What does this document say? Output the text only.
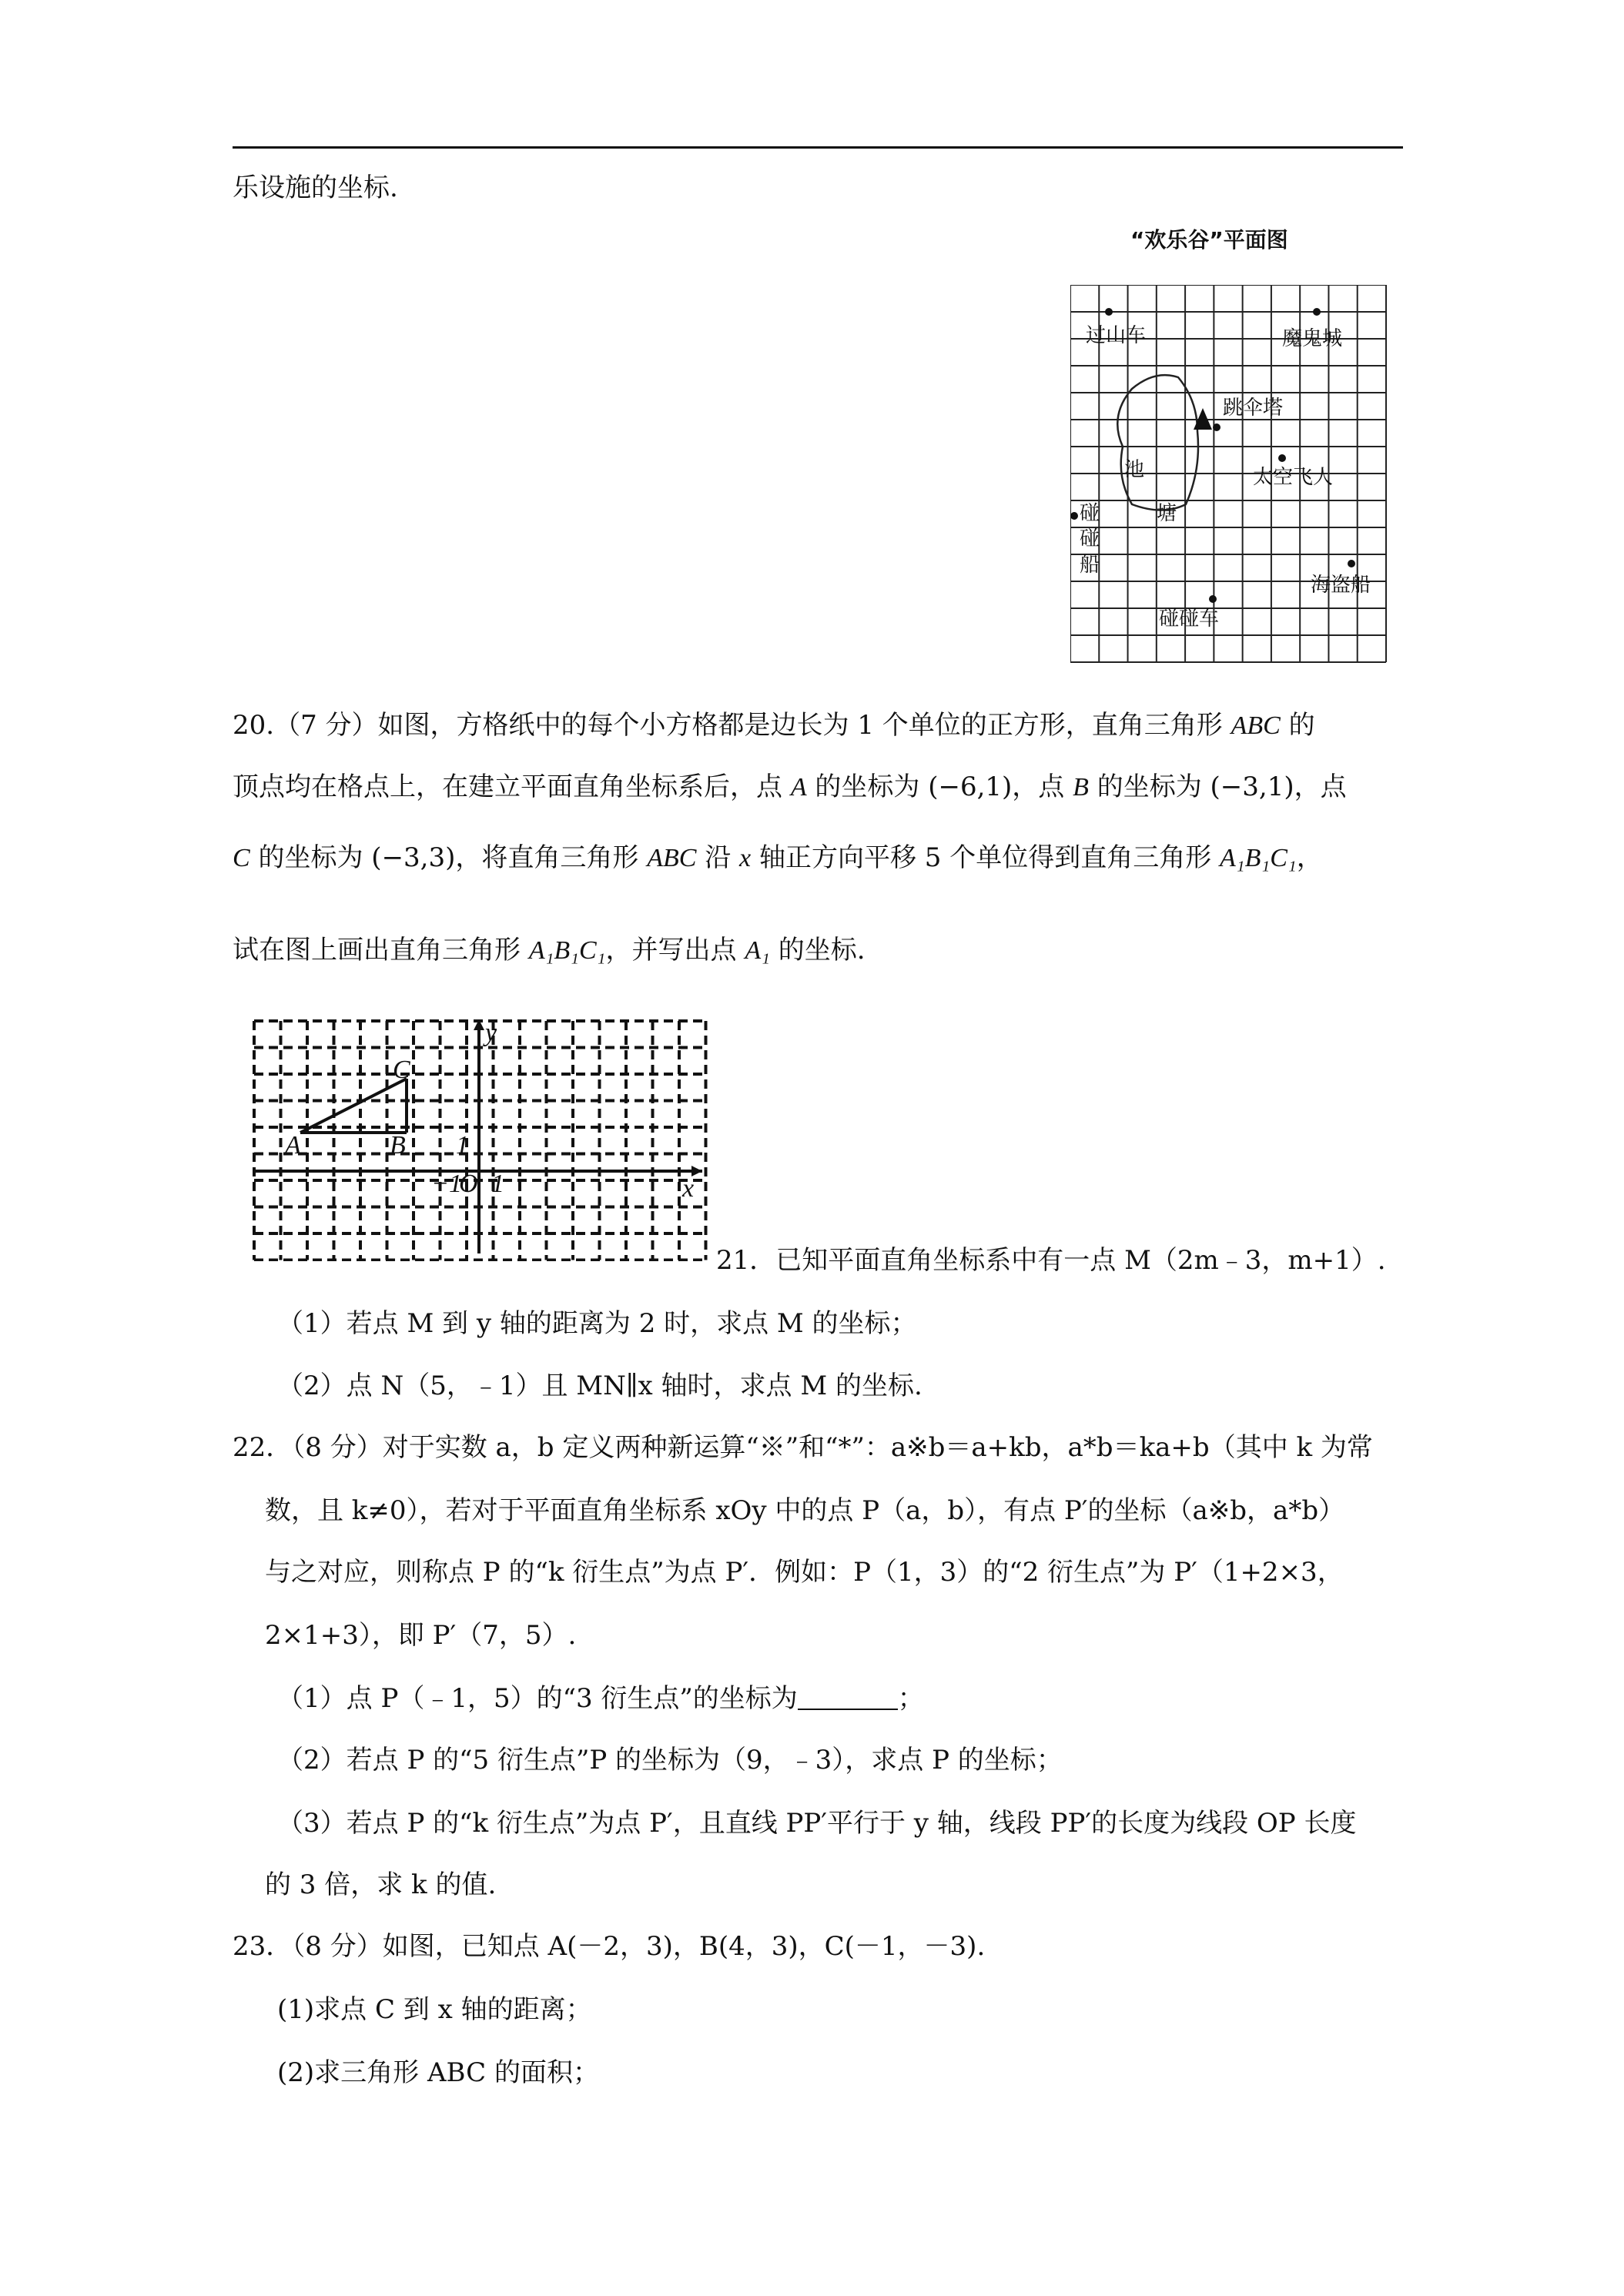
乐设施的坐标.
“欢乐谷”平面图
过山车	魔鬼城
跳伞塔
池
塘
太空飞人
碰
碰
船
海盗船
碰碰车
20.（7 分）如图，方格纸中的每个小方格都是边长为 1 个单位的正方形，直角三角形 ABC 的
顶点均在格点上，在建立平面直角坐标系后，点 A 的坐标为 (−6,1)，点 B 的坐标为 (−3,1)，点
C 的坐标为 (−3,3)，将直角三角形 ABC 沿 x 轴正方向平移 5 个单位得到直角三角形 A₁B₁C₁，
试在图上画出直角三角形 A₁B₁C₁，并写出点 A₁ 的坐标.
y
C
A	B 1
−1
O 1	x
21．已知平面直角坐标系中有一点 M（2m﹣3，m+1）.
（1）若点 M 到 y 轴的距离为 2 时，求点 M 的坐标；
（2）点 N（5，﹣1）且 MN∥x 轴时，求点 M 的坐标.
22．（8 分）对于实数 a，b 定义两种新运算“※”和“*”：a※b＝a+kb，a*b＝ka+b（其中 k 为常
数，且 k≠0），若对于平面直角坐标系 xOy 中的点 P（a，b），有点 P′的坐标（a※b，a*b）
与之对应，则称点 P 的“k 衍生点”为点 P′．例如：P（1，3）的“2 衍生点”为 P′（1+2×3，
2×1+3），即 P′（7，5）.
（1）点 P（﹣1，5）的“3 衍生点”的坐标为	；
（2）若点 P 的“5 衍生点”P 的坐标为（9，﹣3），求点 P 的坐标；
（3）若点 P 的“k 衍生点”为点 P′，且直线 PP′平行于 y 轴，线段 PP′的长度为线段 OP 长度
的 3 倍，求 k 的值.
23．（8 分）如图，已知点 A(－2，3)，B(4，3)，C(－1，－3).
(1)求点 C 到 x 轴的距离；
(2)求三角形 ABC 的面积；
